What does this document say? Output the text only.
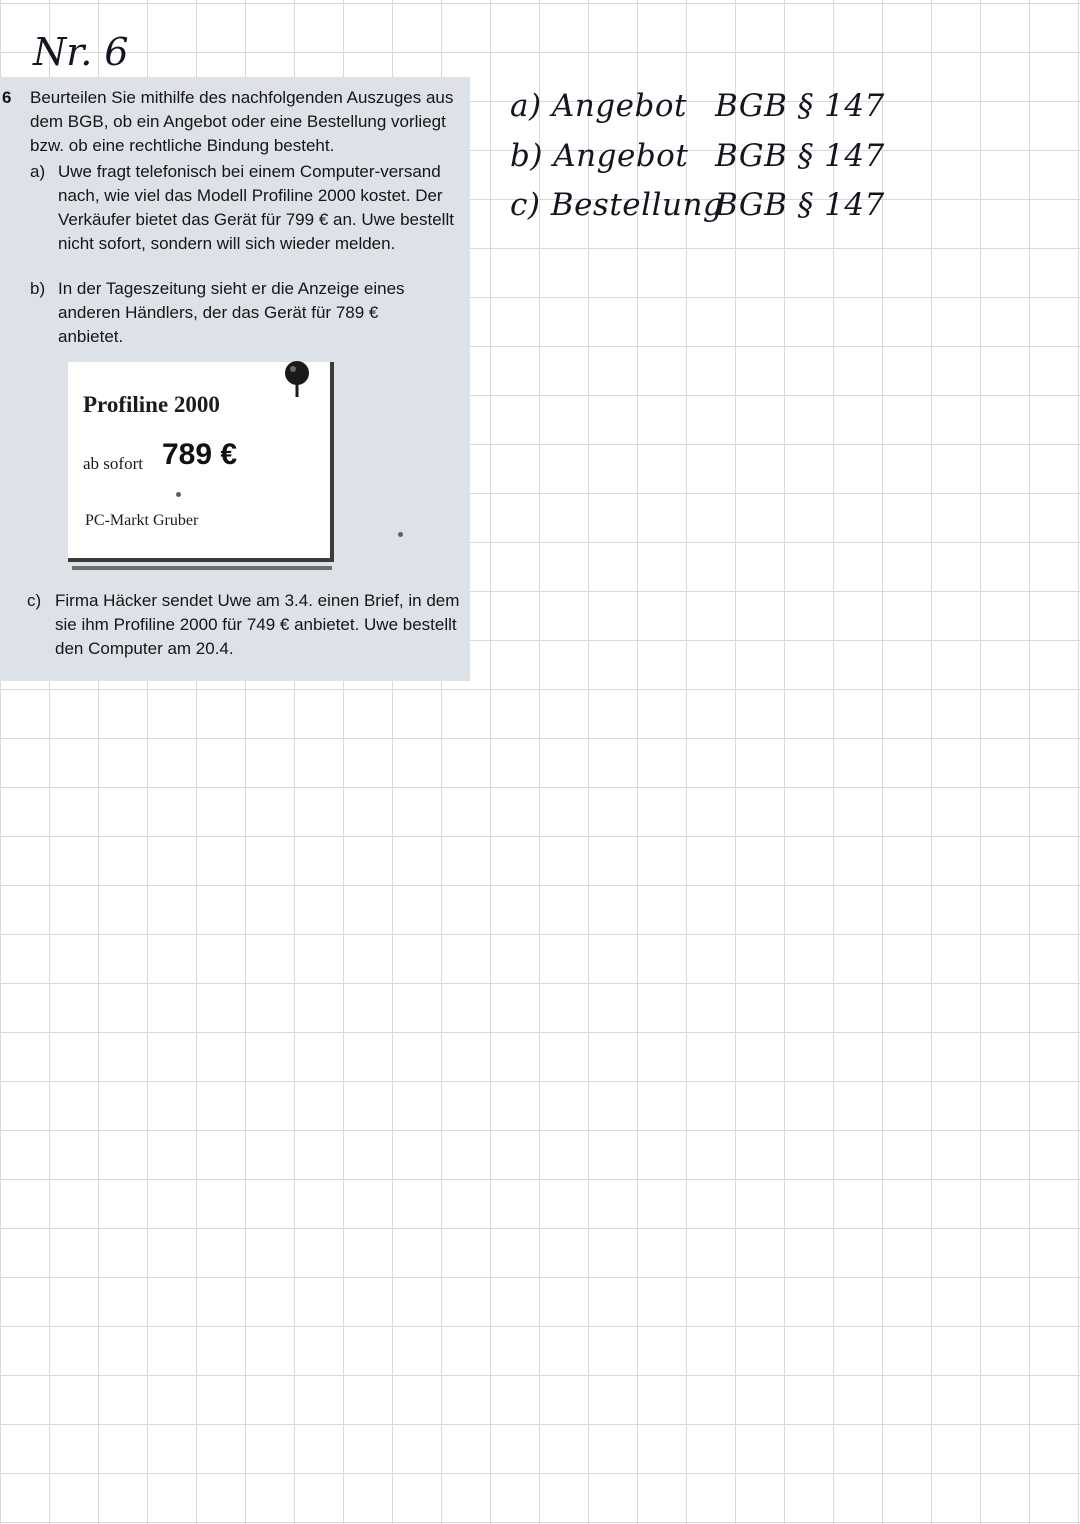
Nr. 6
a) Angebot BGB § 147
b) Angebot BGB § 147
c) BestellungBGB § 147
6 Beurteilen Sie mithilfe des nachfolgenden Auszuges aus dem BGB, ob ein Angebot oder eine Bestellung vorliegt bzw. ob eine rechtliche Bindung besteht.
a) Uwe fragt telefonisch bei einem Computer-versand nach, wie viel das Modell Profiline 2000 kostet. Der Verkäufer bietet das Gerät für 799 € an. Uwe bestellt nicht sofort, sondern will sich wieder melden.
b) In der Tageszeitung sieht er die Anzeige eines anderen Händlers, der das Gerät für 789 € anbietet.
Profiline 2000
ab sofort 789 €
PC-Markt Gruber
c) Firma Häcker sendet Uwe am 3.4. einen Brief, in dem sie ihm Profiline 2000 für 749 € anbietet. Uwe bestellt den Computer am 20.4.
